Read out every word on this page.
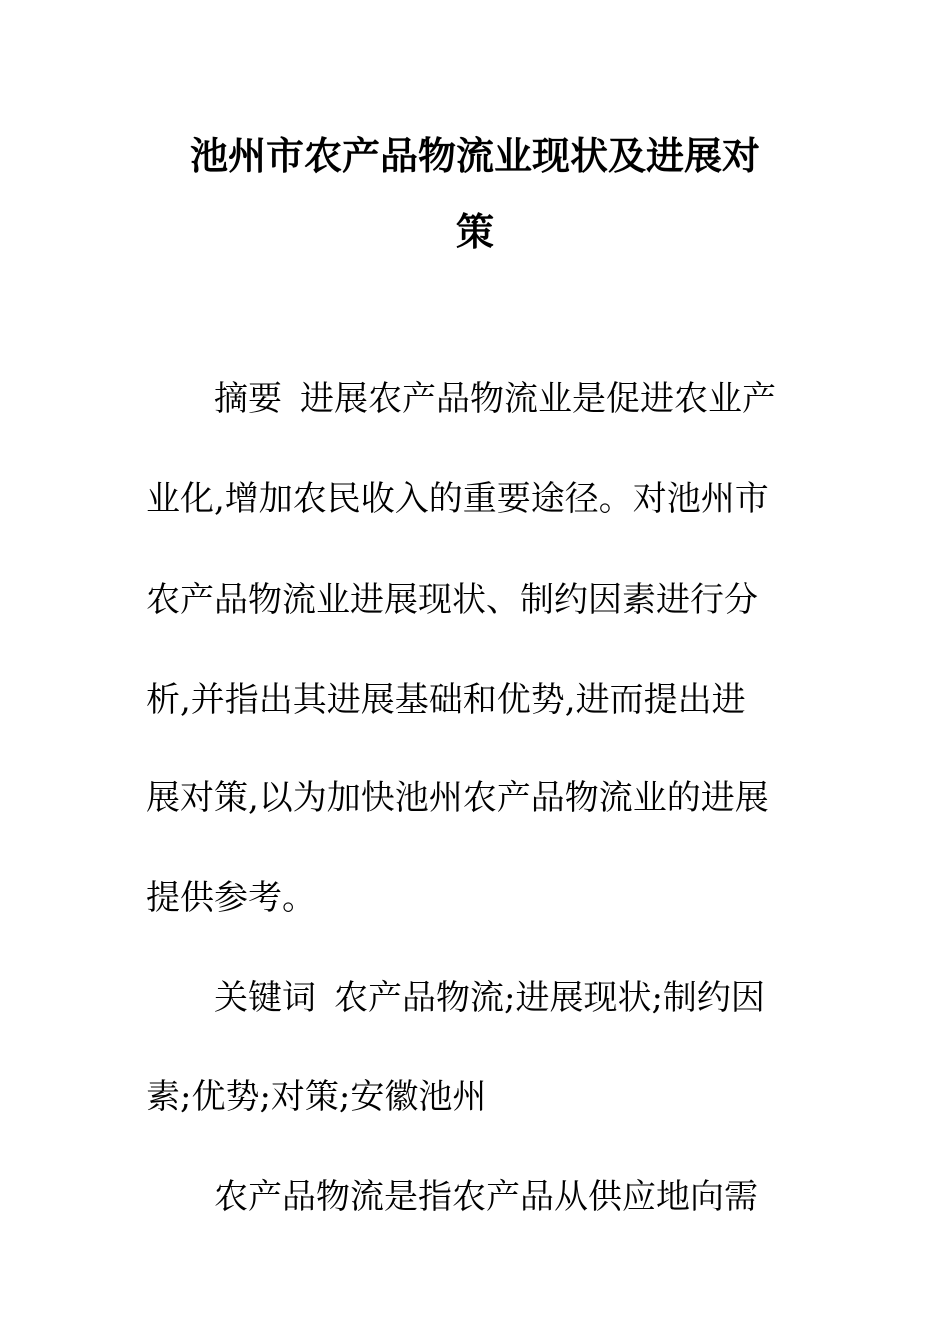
池州市农产品物流业现状及进展对
策

摘要 进展农产品物流业是促进农业产

业化,增加农民收入的重要途径。对池州市

农产品物流业进展现状、制约因素进行分

析,并指出其进展基础和优势,进而提出进

展对策,以为加快池州农产品物流业的进展

提供参考。

关键词 农产品物流;进展现状;制约因

素;优势;对策;安徽池州

农产品物流是指农产品从供应地向需
